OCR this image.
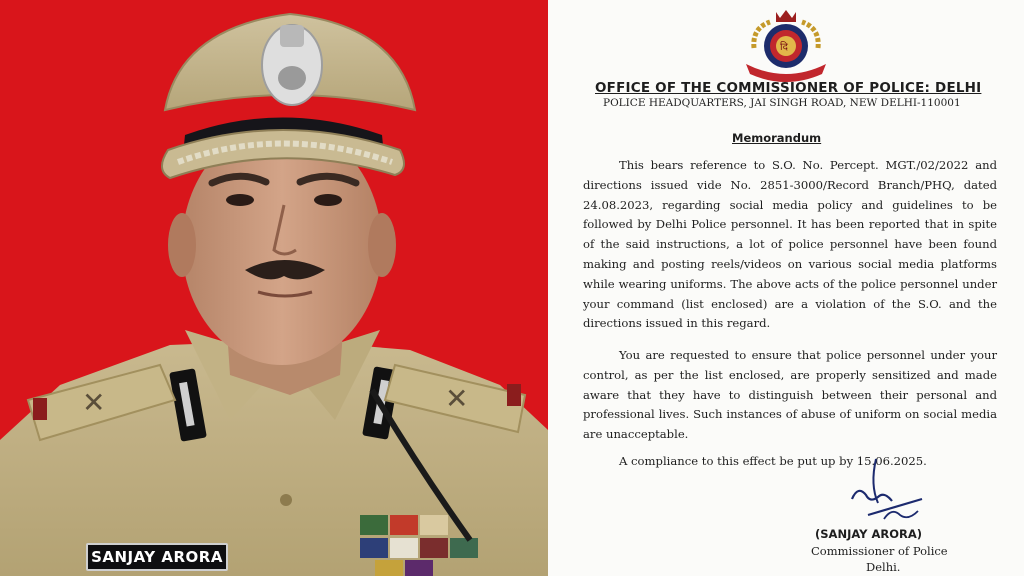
✕	✕
SANJAY ARORA
दि
OFFICE OF THE COMMISSIONER OF POLICE: DELHI
POLICE HEADQUARTERS, JAI SINGH ROAD, NEW DELHI-110001
Memorandum

This bears reference to S.O. No. Percept. MGT./02/2022 and directions issued vide No. 2851-3000/Record Branch/PHQ, dated 24.08.2023, regarding social media policy and guidelines to be followed by Delhi Police personnel. It has been reported that in spite of the said instructions, a lot of police personnel have been found making and posting reels/videos on various social media platforms while wearing uniforms. The above acts of the police personnel under your command (list enclosed) are a violation of the S.O. and the directions issued in this regard.

You are requested to ensure that police personnel under your control, as per the list enclosed, are properly sensitized and made aware that they have to distinguish between their personal and professional lives. Such instances of abuse of uniform on social media are unacceptable.

A compliance to this effect be put up by 15.06.2025.

(SANJAY ARORA)
Commissioner of Police
Delhi.
